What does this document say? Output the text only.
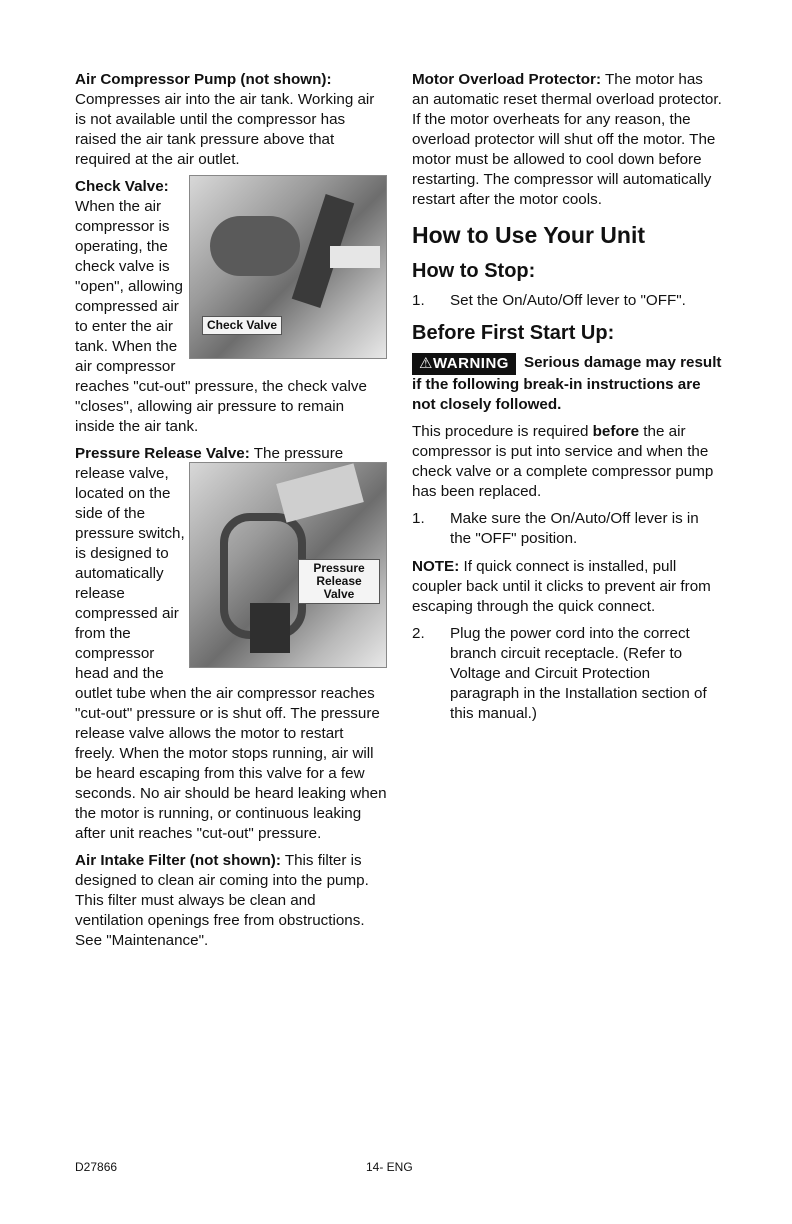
Air Compressor Pump (not shown): Compresses air into the air tank. Working air is not available until the compressor has raised the air tank pressure above that required at the air outlet.

Check Valve:
Check Valve
When the air compressor is operating, the check valve is "open", allowing compressed air to enter the air tank. When the air compressor reaches "cut-out" pressure, the check valve "closes", allowing air pressure to remain inside the air tank.

Pressure Release Valve:
Pressure
Release
Valve
The pressure release valve, located on the side of the pressure switch, is designed to automatically release compressed air from the compressor head and the outlet tube when the air compressor reaches "cut-out" pressure or is shut off. The pressure release valve allows the motor to restart freely. When the motor stops running, air will be heard escaping from this valve for a few seconds. No air should be heard leaking when the motor is running, or continuous leaking after unit reaches "cut-out" pressure.

Air Intake Filter (not shown): This filter is designed to clean air coming into the pump. This filter must always be clean and ventilation openings free from obstructions. See "Maintenance".

Motor Overload Protector: The motor has an automatic reset thermal overload protector. If the motor overheats for any reason, the overload protector will shut off the motor. The motor must be allowed to cool down before restarting. The compressor will automatically restart after the motor cools.

How to Use Your Unit
How to Stop:
1. Set the On/Auto/Off lever to "OFF".
Before First Start Up:

⚠WARNING Serious damage may result if the following break-in instructions are not closely followed.

This procedure is required before the air compressor is put into service and when the check valve or a complete compressor pump has been replaced.

1. Make sure the On/Auto/Off lever is in the "OFF" position.

NOTE: If quick connect is installed, pull coupler back until it clicks to prevent air from escaping through the quick connect.

2. Plug the power cord into the correct branch circuit receptacle. (Refer to Voltage and Circuit Protection paragraph in the Installation section of this manual.)
D27866	14- ENG
